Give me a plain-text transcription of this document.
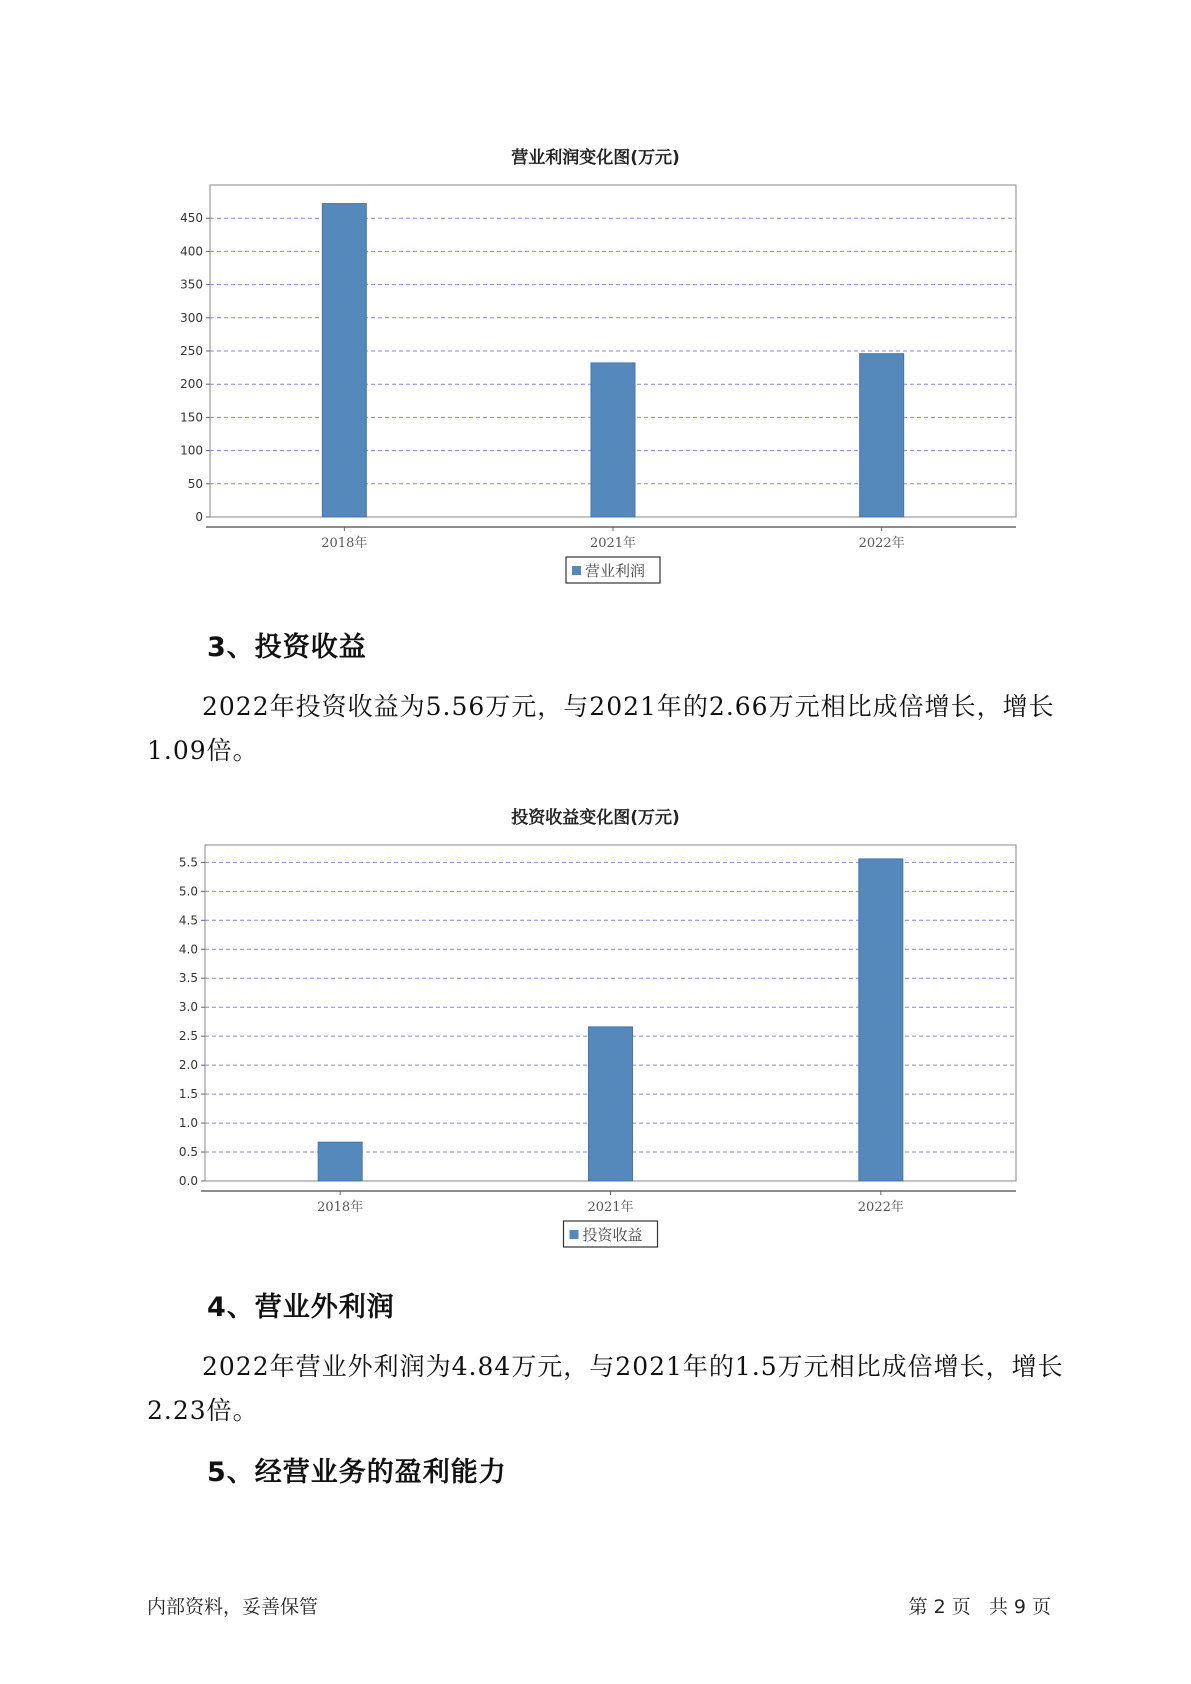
营业利润变化图(万元)
0
50
100
150
200
250
300
350
400
450
2018年	2021年	2022年
营业利润
3、投资收益
2022年投资收益为5.56万元，与2021年的2.66万元相比成倍增长，增长1.09倍。
投资收益变化图(万元)
0.0
0.5
1.0
1.5
2.0
2.5
3.0
3.5
4.0
4.5
5.0
5.5
2018年	2021年	2022年
投资收益
4、营业外利润
2022年营业外利润为4.84万元，与2021年的1.5万元相比成倍增长，增长2.23倍。
5、经营业务的盈利能力
内部资料，妥善保管	第 2 页   共 9 页
